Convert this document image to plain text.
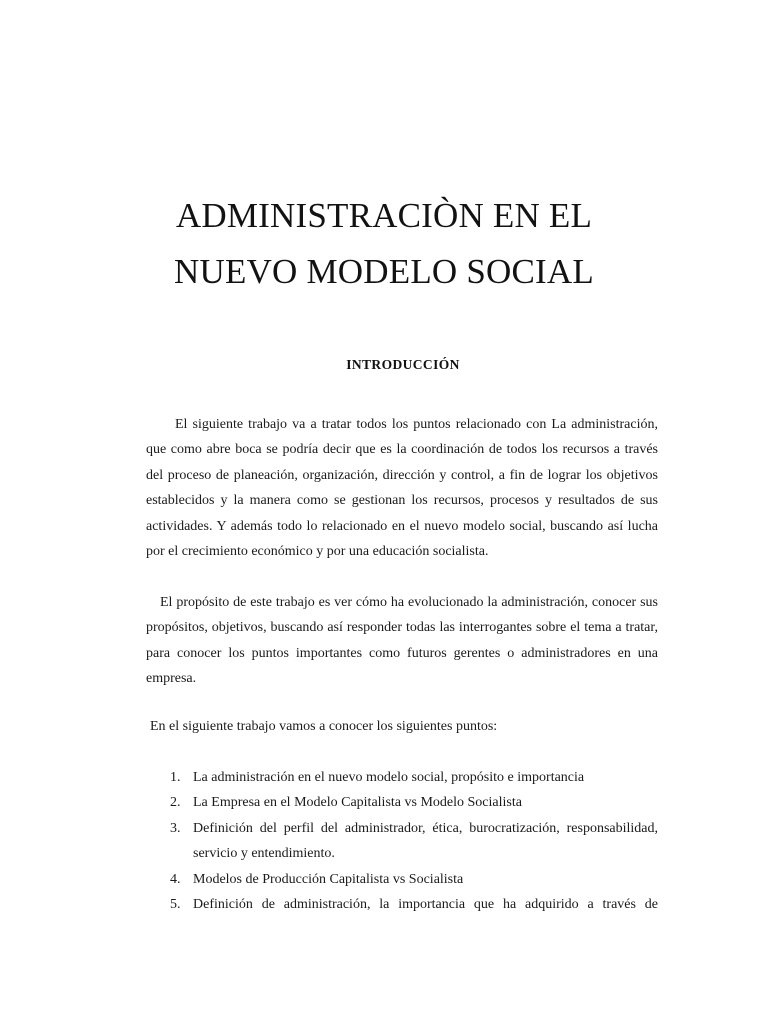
ADMINISTRACIÒN EN EL
NUEVO MODELO SOCIAL
INTRODUCCIÓN

El siguiente trabajo va a tratar todos los puntos relacionado con La administración, que como abre boca se podría decir que es la coordinación de todos los recursos a través del proceso de planeación, organización, dirección y control, a fin de lograr los objetivos establecidos y la manera como se gestionan los recursos, procesos y resultados de sus actividades. Y además todo lo relacionado en el nuevo modelo social, buscando así lucha por el crecimiento económico y por una educación socialista.

El propósito de este trabajo es ver cómo ha evolucionado la administración, conocer sus propósitos, objetivos, buscando así responder todas las interrogantes sobre el tema a tratar, para conocer los puntos importantes como futuros gerentes o administradores en una empresa.

En el siguiente trabajo vamos a conocer los siguientes puntos:
1. La administración en el nuevo modelo social, propósito e importancia
2. La Empresa en el Modelo Capitalista vs Modelo Socialista
3. Definición del perfil del administrador, ética, burocratización, responsabilidad, servicio y entendimiento.
4. Modelos de Producción Capitalista vs Socialista
5. Definición de administración, la importancia que ha adquirido a través de
